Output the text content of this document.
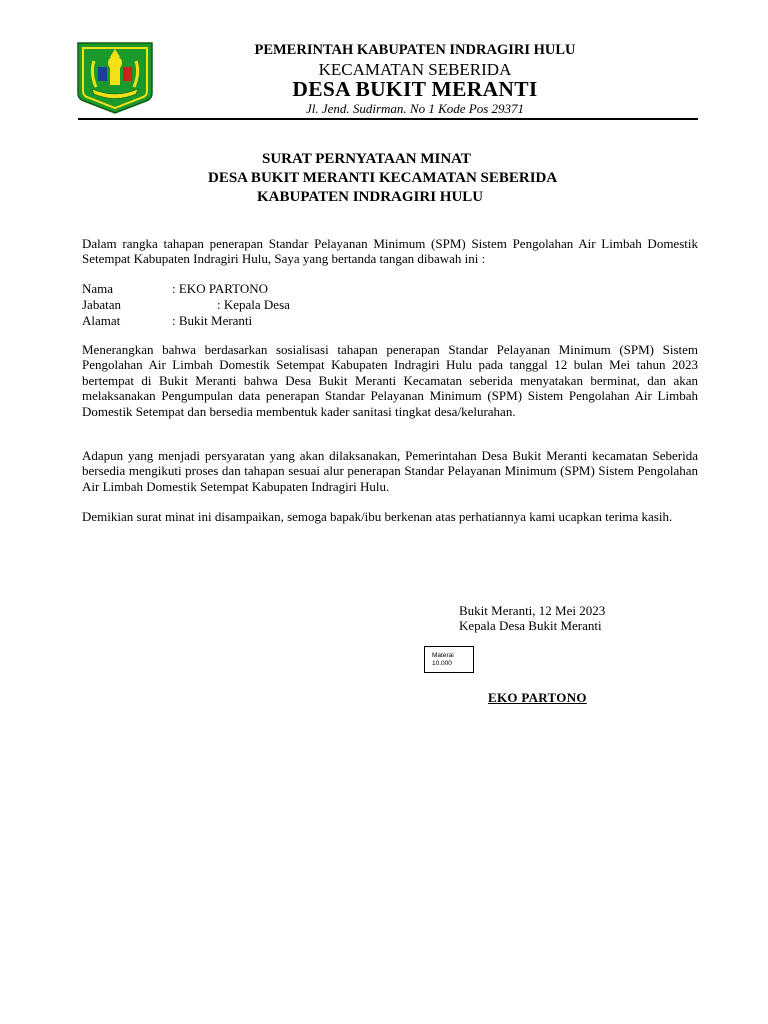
PEMERINTAH KABUPATEN INDRAGIRI HULU
KECAMATAN SEBERIDA
DESA BUKIT MERANTI
Jl. Jend. Sudirman. No 1 Kode Pos 29371
SURAT PERNYATAAN MINAT
DESA BUKIT MERANTI KECAMATAN SEBERIDA
KABUPATEN INDRAGIRI HULU
Dalam rangka tahapan penerapan Standar Pelayanan Minimum (SPM) Sistem Pengolahan Air Limbah Domestik Setempat Kabupaten Indragiri Hulu, Saya yang bertanda tangan dibawah ini :
Nama	: EKO PARTONO
Jabatan	: Kepala Desa
Alamat	: Bukit Meranti
Menerangkan bahwa berdasarkan sosialisasi tahapan penerapan Standar Pelayanan Minimum (SPM) Sistem Pengolahan Air Limbah Domestik Setempat Kabupaten Indragiri Hulu pada tanggal 12 bulan Mei tahun 2023 bertempat di Bukit Meranti bahwa Desa Bukit Meranti Kecamatan seberida menyatakan berminat, dan akan melaksanakan Pengumpulan data penerapan Standar Pelayanan Minimum (SPM) Sistem Pengolahan Air Limbah Domestik Setempat dan bersedia membentuk kader sanitasi tingkat desa/kelurahan.
Adapun yang menjadi persyaratan yang akan dilaksanakan, Pemerintahan Desa Bukit Meranti kecamatan Seberida bersedia mengikuti proses dan tahapan sesuai alur penerapan Standar Pelayanan Minimum (SPM) Sistem Pengolahan Air Limbah Domestik Setempat Kabupaten Indragiri Hulu.
Demikian surat minat ini disampaikan, semoga bapak/ibu berkenan atas perhatiannya kami ucapkan terima kasih.
Bukit Meranti, 12 Mei 2023
Kepala Desa Bukit Meranti
Materai
10.000
EKO PARTONO
